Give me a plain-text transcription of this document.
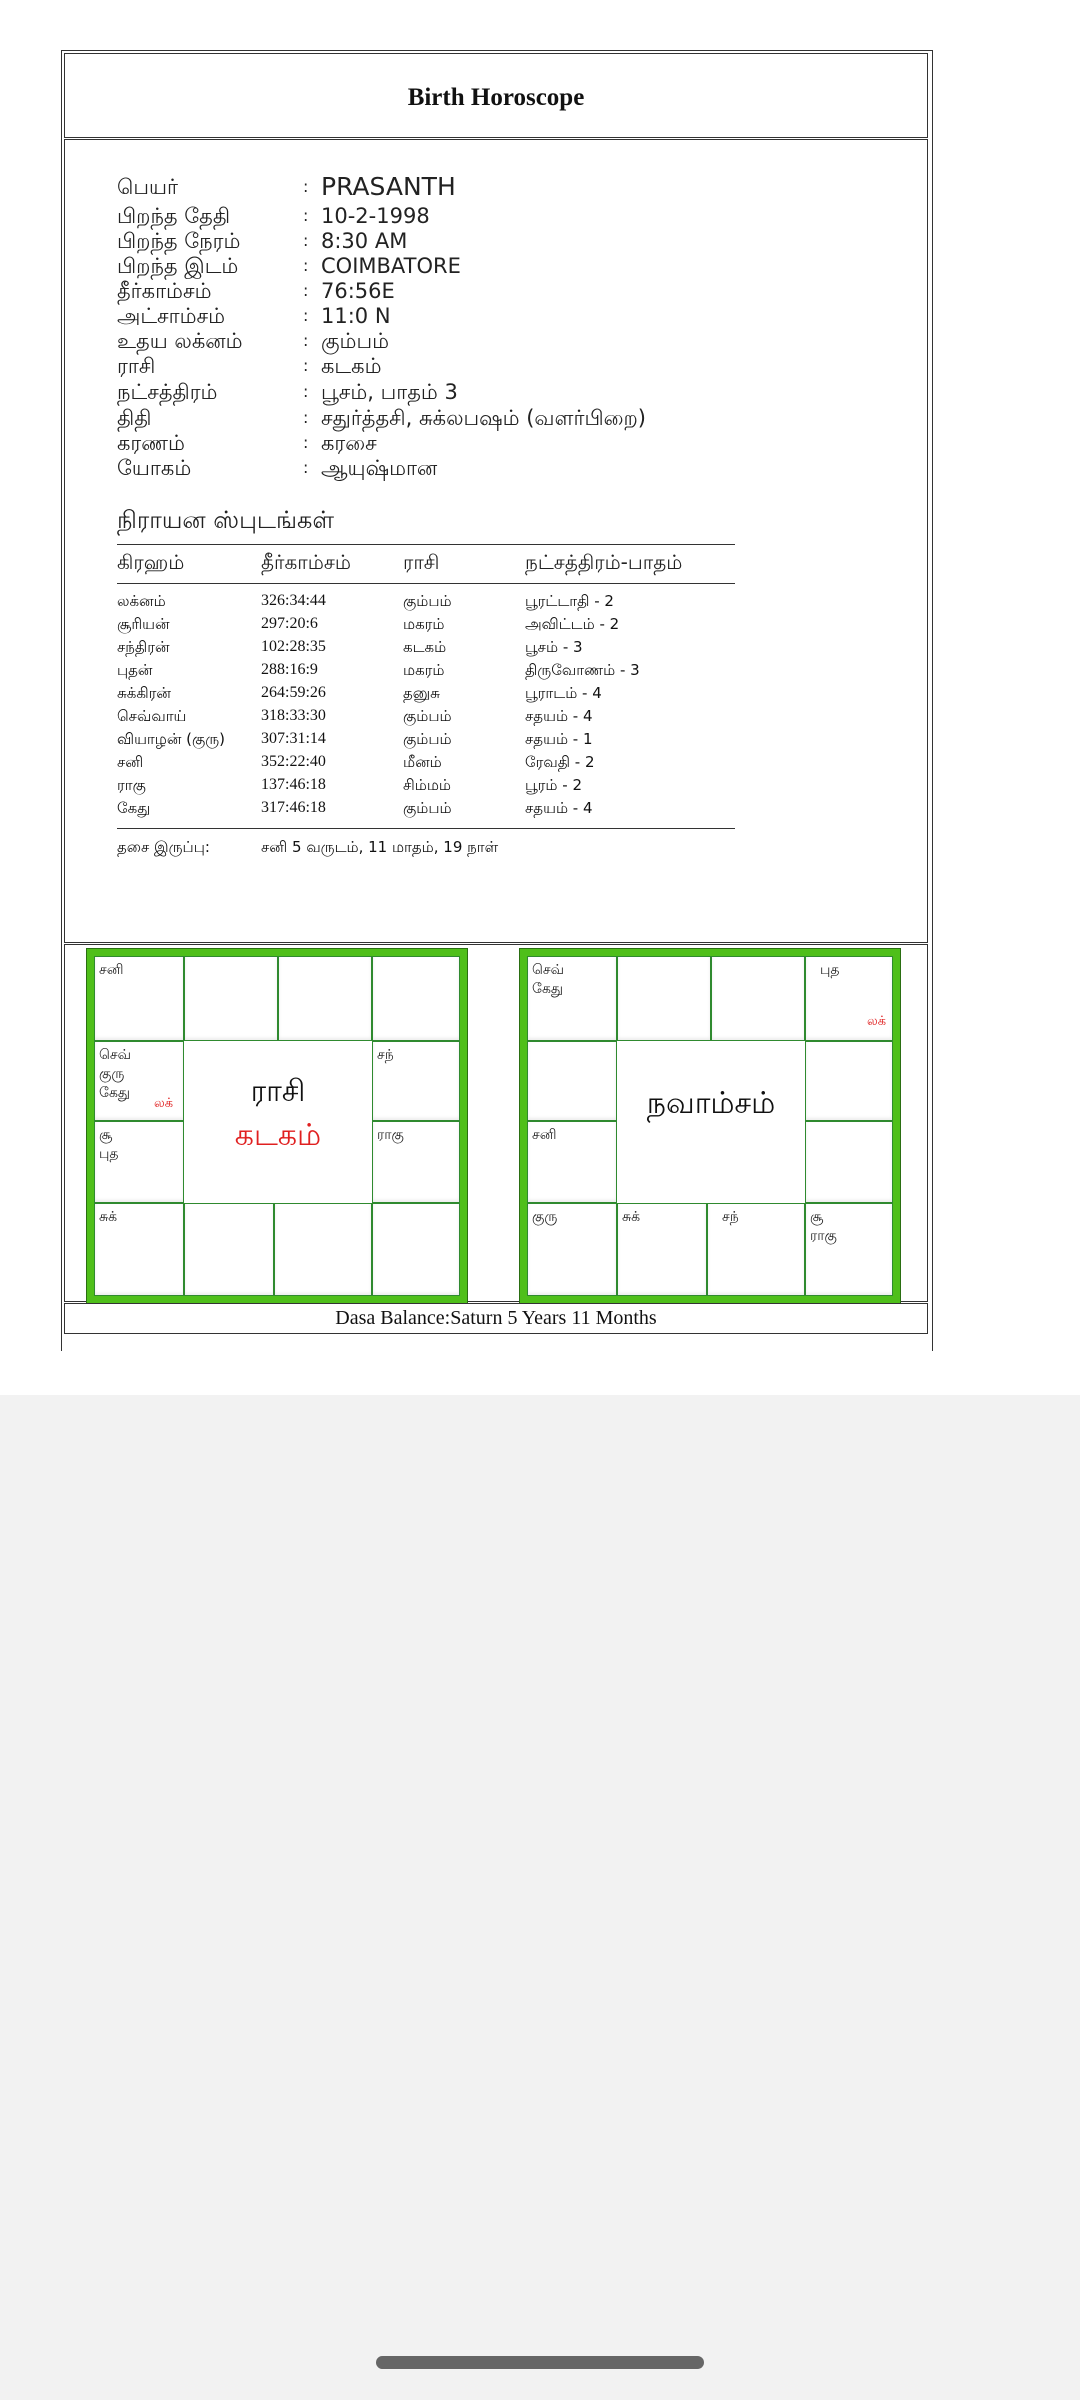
Birth Horoscope
பெயர்	: PRASANTH
பிறந்த தேதி	: 10-2-1998
பிறந்த நேரம்	: 8:30 AM
பிறந்த இடம்	: COIMBATORE
தீர்காம்சம்	: 76:56E
அட்சாம்சம்	: 11:0 N
உதய லக்னம்	: கும்பம்
ராசி	: கடகம்
நட்சத்திரம்	: பூசம், பாதம் 3
திதி	: சதுர்த்தசி, சுக்லபஷம் (வளர்பிறை)
கரணம்	: கரசை
யோகம்	: ஆயுஷ்மான
நிராயன ஸ்புடங்கள்
கிரஹம்	தீர்காம்சம்	ராசி	நட்சத்திரம்-பாதம்
லக்னம்	326:34:44	கும்பம்	பூரட்டாதி - 2
சூரியன்	297:20:6	மகரம்	அவிட்டம் - 2
சந்திரன்	102:28:35	கடகம்	பூசம் - 3
புதன்	288:16:9	மகரம்	திருவோணம் - 3
சுக்கிரன்	264:59:26	தனுசு	பூராடம் - 4
செவ்வாய்	318:33:30	கும்பம்	சதயம் - 4
வியாழன் (குரு) 307:31:14	கும்பம்	சதயம் - 1
சனி	352:22:40	மீனம்	ரேவதி - 2
ராகு	137:46:18	சிம்மம்	பூரம் - 2
கேது	317:46:18	கும்பம்	சதயம் - 4
தசை இருப்பு:	சனி 5 வருடம், 11 மாதம், 19 நாள்
சனி
செவ்
குரு
கேது
லக்
சூ
புத
சந்
ராகு
சுக்
ராசி
கடகம்
செவ்
கேது
புத
லக்
சனி
குரு	சுக்	சந்	சூ
ராகு
நவாம்சம்
Dasa Balance:Saturn 5 Years 11 Months
